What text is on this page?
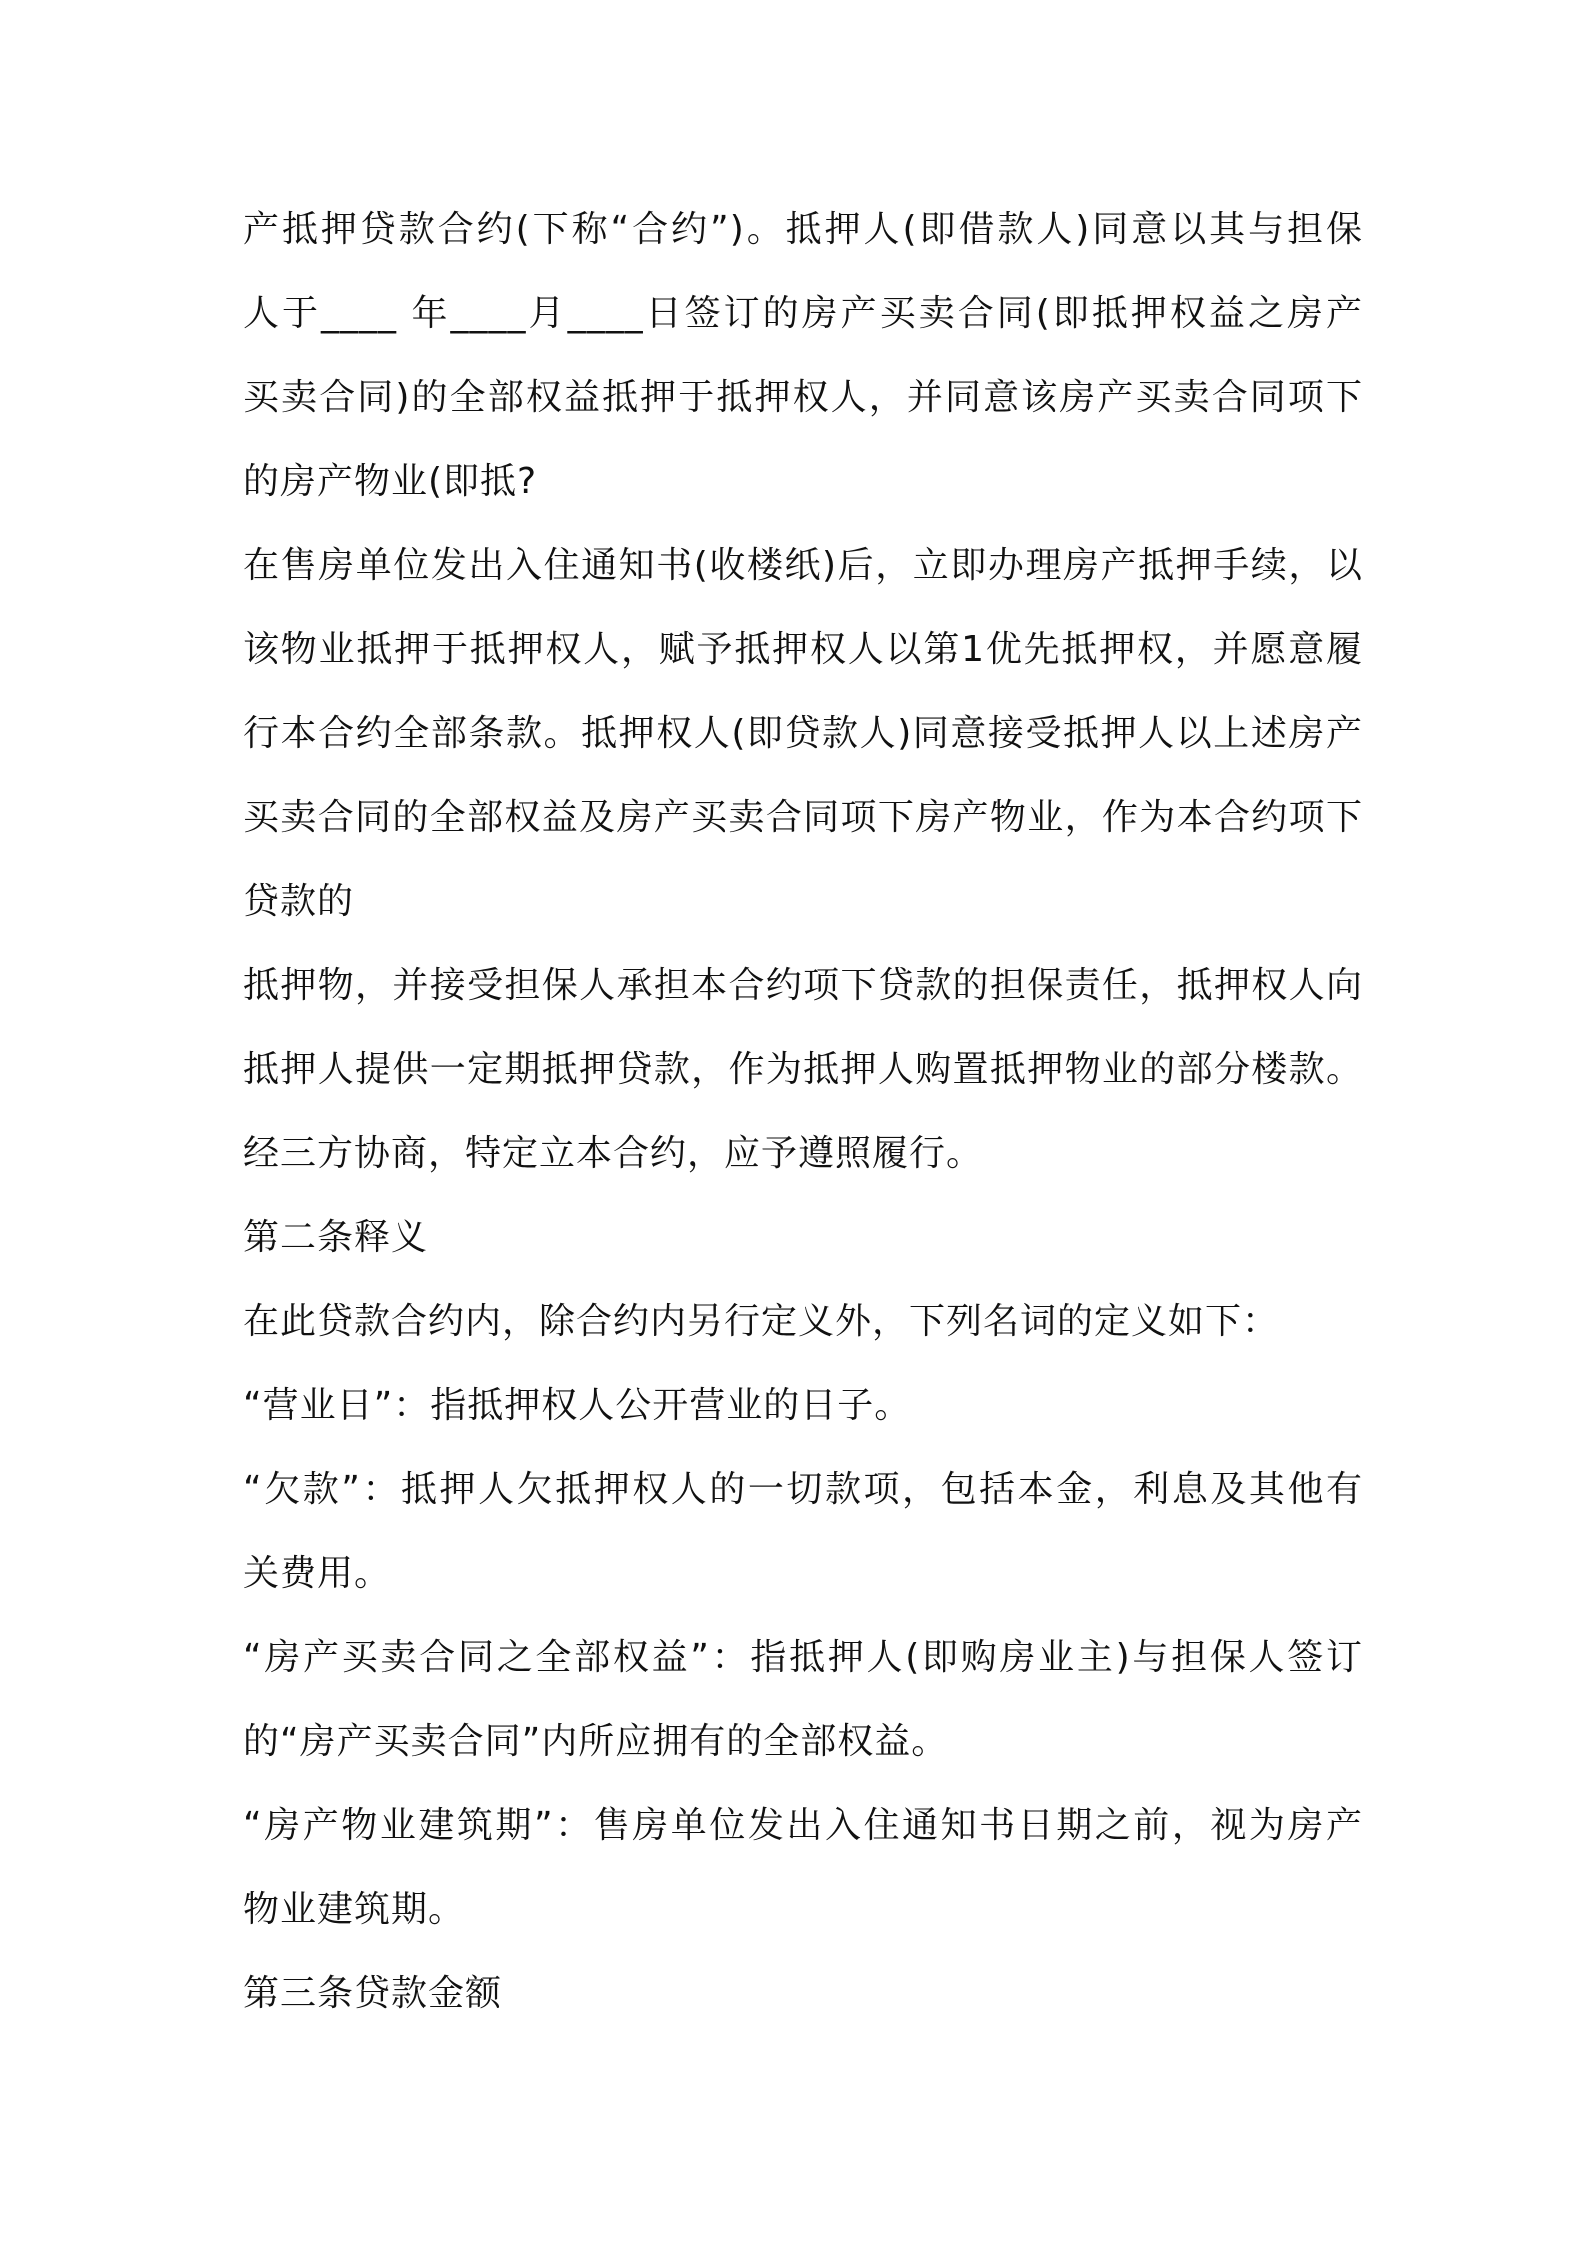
产抵押贷款合约(下称“合约”)。抵押人(即借款人)同意以其与担保
人于____ 年____月____日签订的房产买卖合同(即抵押权益之房产
买卖合同)的全部权益抵押于抵押权人，并同意该房产买卖合同项下
的房产物业(即抵?
在售房单位发出入住通知书(收楼纸)后，立即办理房产抵押手续，以
该物业抵押于抵押权人，赋予抵押权人以第1优先抵押权，并愿意履
行本合约全部条款。抵押权人(即贷款人)同意接受抵押人以上述房产
买卖合同的全部权益及房产买卖合同项下房产物业，作为本合约项下
贷款的
抵押物，并接受担保人承担本合约项下贷款的担保责任，抵押权人向
抵押人提供一定期抵押贷款，作为抵押人购置抵押物业的部分楼款。
经三方协商，特定立本合约，应予遵照履行。
第二条释义
在此贷款合约内，除合约内另行定义外，下列名词的定义如下：
“营业日”：指抵押权人公开营业的日子。
“欠款”：抵押人欠抵押权人的一切款项，包括本金，利息及其他有
关费用。
“房产买卖合同之全部权益”：指抵押人(即购房业主)与担保人签订
的“房产买卖合同”内所应拥有的全部权益。
“房产物业建筑期”：售房单位发出入住通知书日期之前，视为房产
物业建筑期。
第三条贷款金额
